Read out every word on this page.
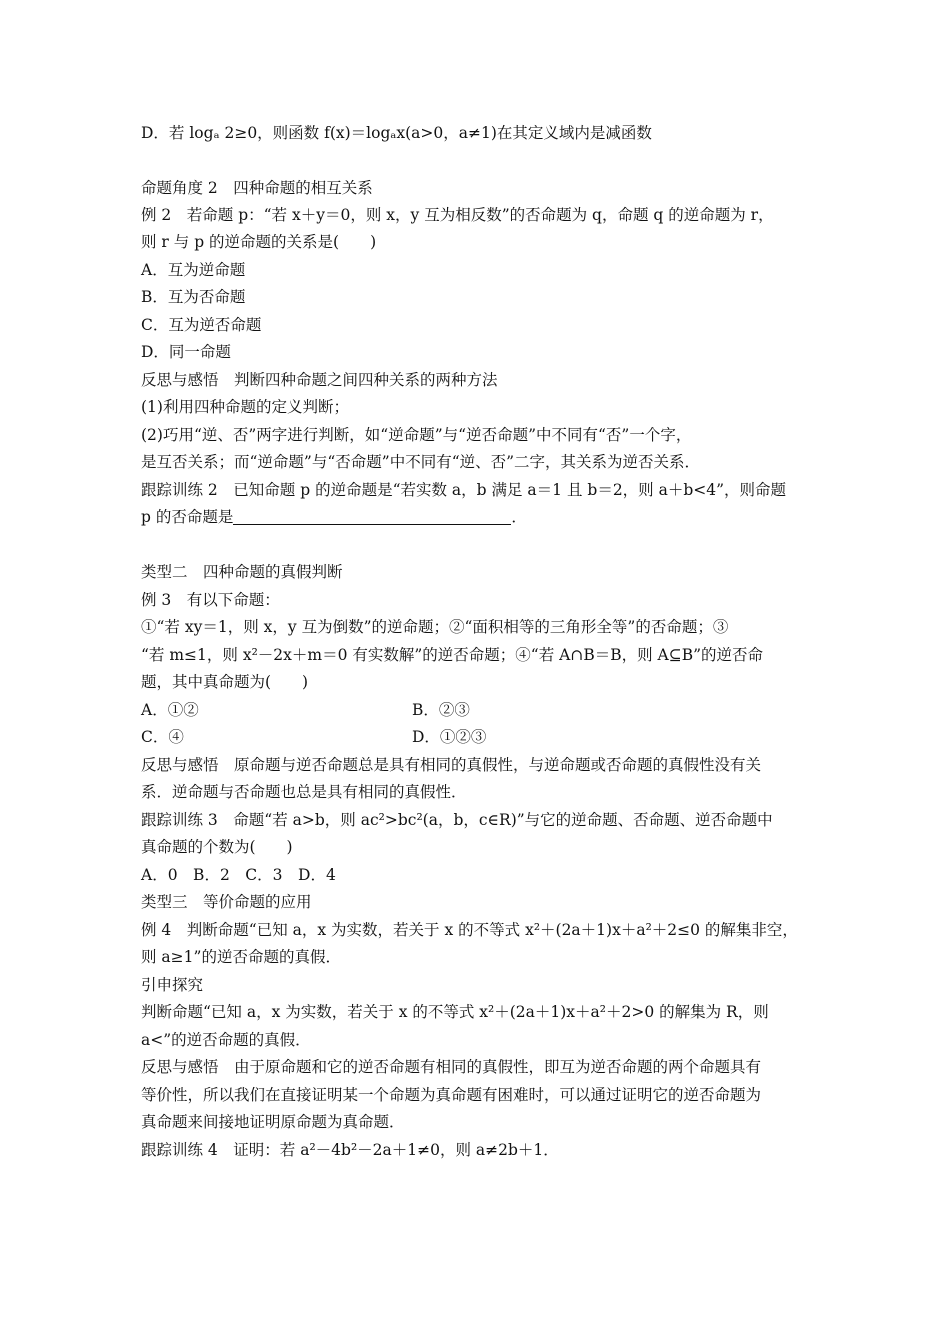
D．若 logₐ 2≥0，则函数 f(x)＝logₐx(a>0，a≠1)在其定义域内是减函数
命题角度 2　四种命题的相互关系
例 2　若命题 p：“若 x＋y＝0，则 x，y 互为相反数”的否命题为 q，命题 q 的逆命题为 r，
则 r 与 p 的逆命题的关系是(　　)
A．互为逆命题
B．互为否命题
C．互为逆否命题
D．同一命题
反思与感悟　判断四种命题之间四种关系的两种方法
(1)利用四种命题的定义判断；
(2)巧用“逆、否”两字进行判断，如“逆命题”与“逆否命题”中不同有“否”一个字，
是互否关系；而“逆命题”与“否命题”中不同有“逆、否”二字，其关系为逆否关系．
跟踪训练 2　已知命题 p 的逆命题是“若实数 a，b 满足 a＝1 且 b＝2，则 a＋b<4”，则命题
p 的否命题是	．
类型二　四种命题的真假判断
例 3　有以下命题：
①“若 xy＝1，则 x，y 互为倒数”的逆命题；②“面积相等的三角形全等”的否命题；③
“若 m≤1，则 x²－2x＋m＝0 有实数解”的逆否命题；④“若 A∩B＝B，则 A⊆B”的逆否命
题，其中真命题为(　　)
A．①②	B．②③
C．④	D．①②③
反思与感悟　原命题与逆否命题总是具有相同的真假性，与逆命题或否命题的真假性没有关
系．逆命题与否命题也总是具有相同的真假性．
跟踪训练 3　命题“若 a>b，则 ac²>bc²(a，b，c∈R)”与它的逆命题、否命题、逆否命题中
真命题的个数为(　　)
A．0　B．2　C．3　D．4
类型三　等价命题的应用
例 4　判断命题“已知 a，x 为实数，若关于 x 的不等式 x²＋(2a＋1)x＋a²＋2≤0 的解集非空，
则 a≥1”的逆否命题的真假．
引申探究
判断命题“已知 a，x 为实数，若关于 x 的不等式 x²＋(2a＋1)x＋a²＋2>0 的解集为 R，则
a<”的逆否命题的真假．
反思与感悟　由于原命题和它的逆否命题有相同的真假性，即互为逆否命题的两个命题具有
等价性，所以我们在直接证明某一个命题为真命题有困难时，可以通过证明它的逆否命题为
真命题来间接地证明原命题为真命题．
跟踪训练 4　证明：若 a²－4b²－2a＋1≠0，则 a≠2b＋1．
